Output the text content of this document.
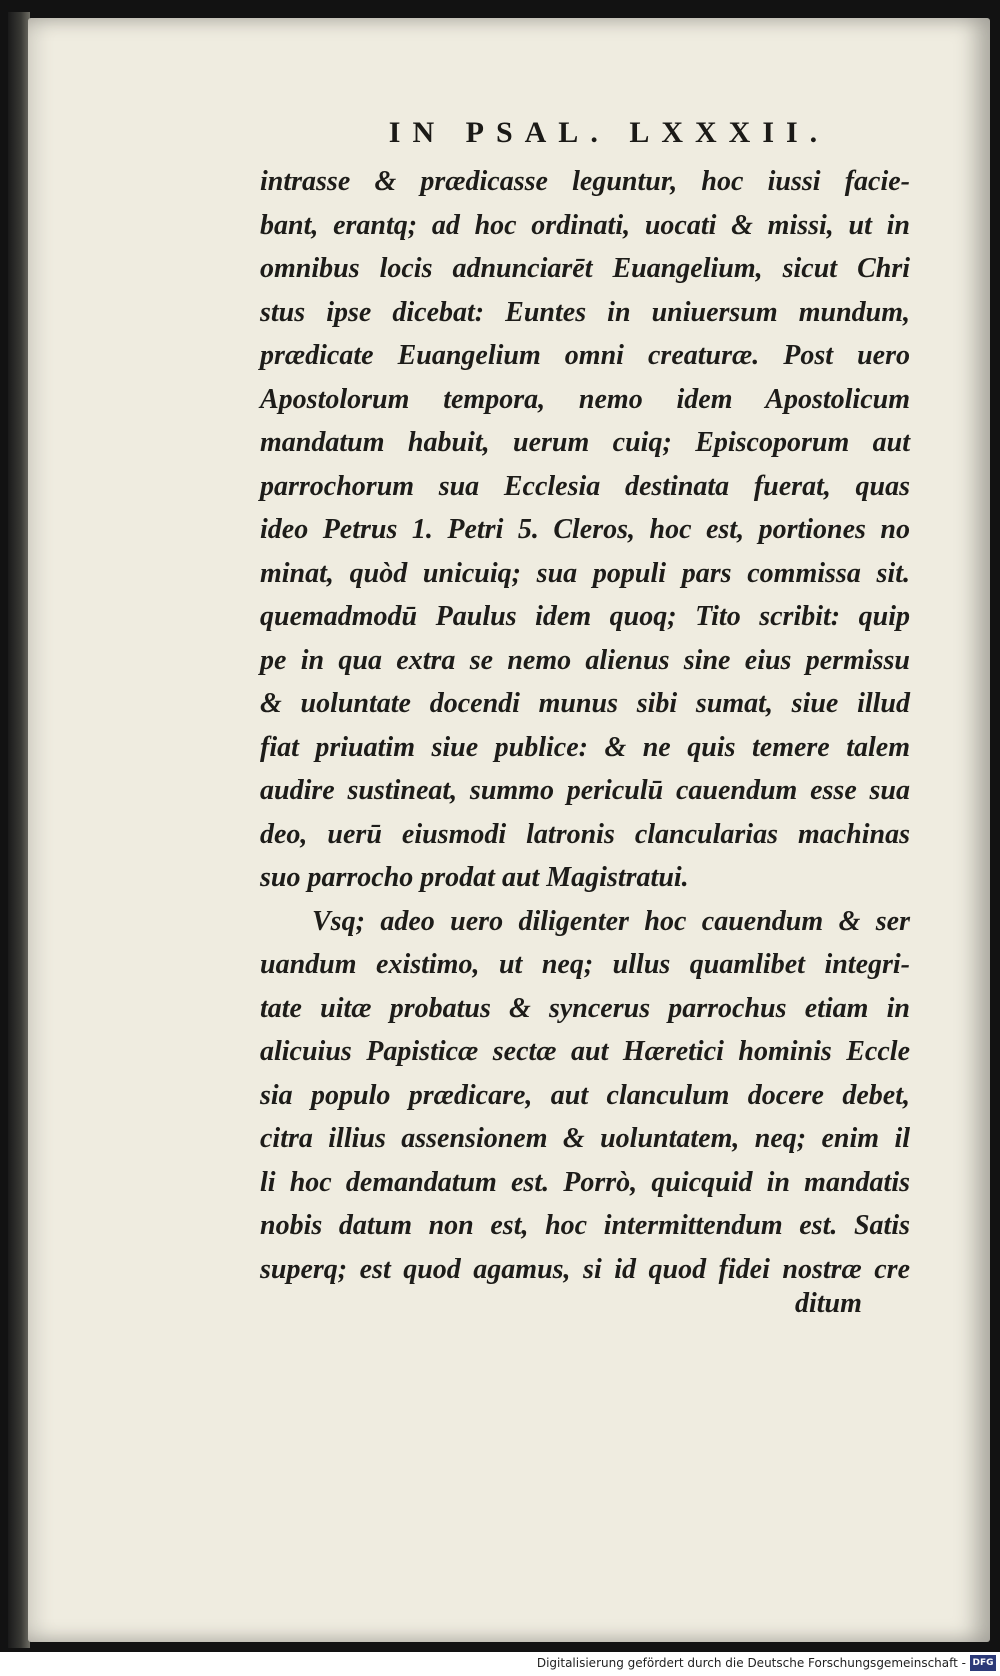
IN PSAL. LXXXII.
intrasse & prædicasse leguntur, hoc iussi facie-
bant, erantq; ad hoc ordinati, uocati & missi, ut in
omnibus locis adnunciarēt Euangelium, sicut Chri
stus ipse dicebat: Euntes in uniuersum mundum,
prædicate Euangelium omni creaturæ. Post uero
Apostolorum tempora, nemo idem Apostolicum
mandatum habuit, uerum cuiq; Episcoporum aut
parrochorum sua Ecclesia destinata fuerat, quas
ideo Petrus 1. Petri 5. Cleros, hoc est, portiones no
minat, quòd unicuiq; sua populi pars commissa sit.
quemadmodū Paulus idem quoq; Tito scribit: quip
pe in qua extra se nemo alienus sine eius permissu
& uoluntate docendi munus sibi sumat, siue illud
fiat priuatim siue publice: & ne quis temere talem
audire sustineat, summo periculū cauendum esse sua
deo, uerū eiusmodi latronis clancularias machinas
suo parrocho prodat aut Magistratui.
Vsq; adeo uero diligenter hoc cauendum & ser
uandum existimo, ut neq; ullus quamlibet integri-
tate uitæ probatus & syncerus parrochus etiam in
alicuius Papisticæ sectæ aut Hæretici hominis Eccle
sia populo prædicare, aut clanculum docere debet,
citra illius assensionem & uoluntatem, neq; enim il
li hoc demandatum est. Porrò, quicquid in mandatis
nobis datum non est, hoc intermittendum est. Satis
superq; est quod agamus, si id quod fidei nostræ cre
ditum
Digitalisierung gefördert durch die Deutsche Forschungsgemeinschaft - DFG
